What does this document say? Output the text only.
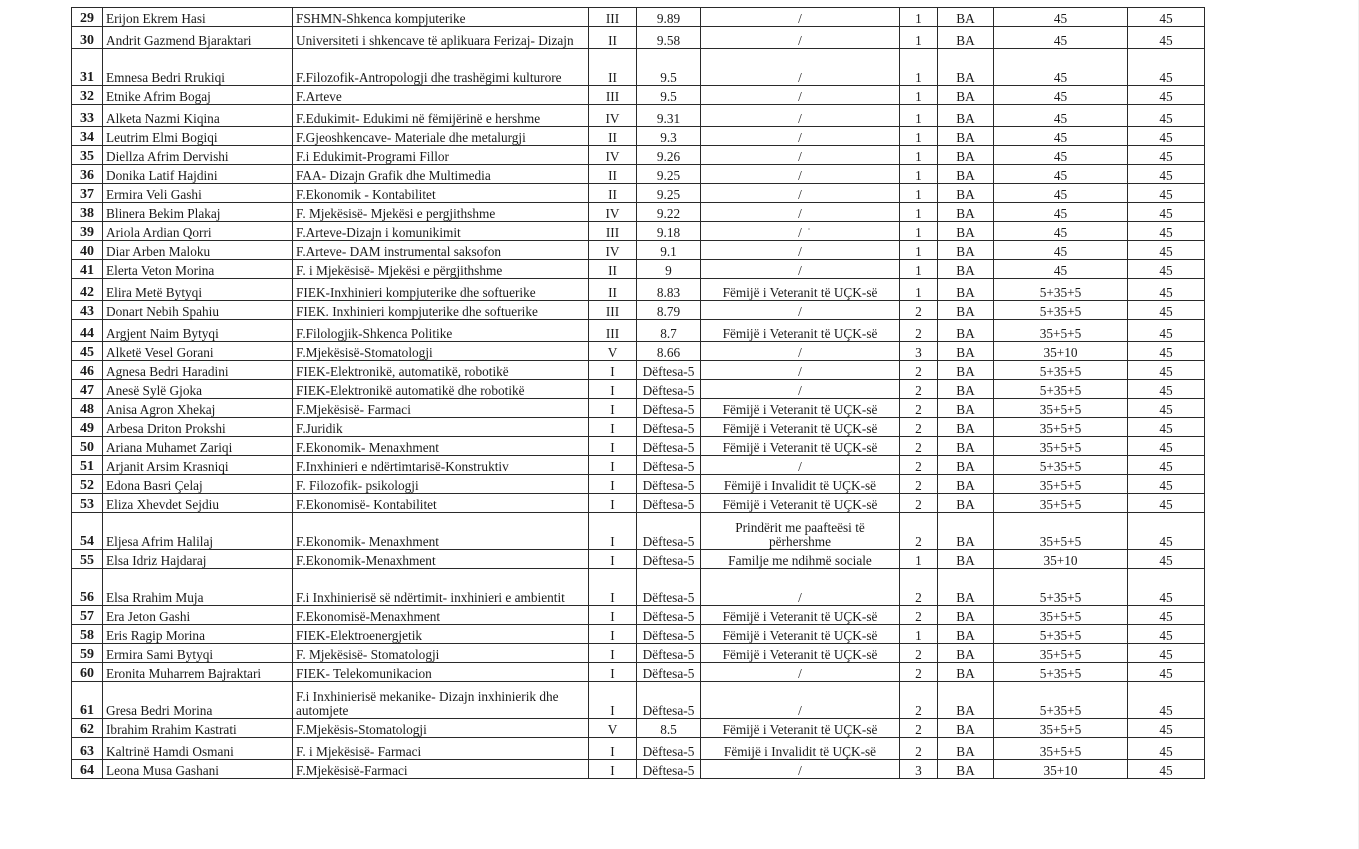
29	Erijon Ekrem Hasi	FSHMN-Shkenca kompjuterike	III	9.89	/	1	BA	45	45
30	Andrit Gazmend Bjaraktari	Universiteti i shkencave të aplikuara Ferizaj- Dizajn	II	9.58	/	1	BA	45	45
31	Emnesa Bedri Rrukiqi	F.Filozofik-Antropologji dhe trashëgimi kulturore	II	9.5	/	1	BA	45	45
32	Etnike Afrim Bogaj	F.Arteve	III	9.5	/	1	BA	45	45
33	Alketa Nazmi Kiqina	F.Edukimit- Edukimi në fëmijërinë e hershme	IV	9.31	/	1	BA	45	45
34	Leutrim Elmi Bogiqi	F.Gjeoshkencave- Materiale dhe metalurgji	II	9.3	/	1	BA	45	45
35	Diellza Afrim Dervishi	F.i Edukimit-Programi Fillor	IV	9.26	/	1	BA	45	45
36	Donika Latif Hajdini	FAA- Dizajn Grafik dhe Multimedia	II	9.25	/	1	BA	45	45
37	Ermira Veli Gashi	F.Ekonomik - Kontabilitet	II	9.25	/	1	BA	45	45
38	Blinera Bekim Plakaj	F. Mjekësisë- Mjekësi e pergjithshme	IV	9.22	/	1	BA	45	45
39	Ariola Ardian Qorri	F.Arteve-Dizajn i komunikimit	III	9.18	/	1	BA	45	45
40	Diar Arben Maloku	F.Arteve- DAM instrumental saksofon	IV	9.1	/	1	BA	45	45
41	Elerta Veton Morina	F. i Mjekësisë- Mjekësi e përgjithshme	II	9	/	1	BA	45	45
42	Elira Metë Bytyqi	FIEK-Inxhinieri kompjuterike dhe softuerike	II	8.83	Fëmijë i Veteranit të UÇK-së	1	BA	5+35+5	45
43	Donart Nebih Spahiu	FIEK. Inxhinieri kompjuterike dhe softuerike	III	8.79	/	2	BA	5+35+5	45
44	Argjent Naim Bytyqi	F.Filologjik-Shkenca Politike	III	8.7	Fëmijë i Veteranit të UÇK-së	2	BA	35+5+5	45
45	Alketë Vesel Gorani	F.Mjekësisë-Stomatologji	V	8.66	/	3	BA	35+10	45
46	Agnesa Bedri Haradini	FIEK-Elektronikë, automatikë, robotikë	I	Dëftesa-5	/	2	BA	5+35+5	45
47	Anesë Sylë Gjoka	FIEK-Elektronikë automatikë dhe robotikë	I	Dëftesa-5	/	2	BA	5+35+5	45
48	Anisa Agron Xhekaj	F.Mjekësisë- Farmaci	I	Dëftesa-5	Fëmijë i Veteranit të UÇK-së	2	BA	35+5+5	45
49	Arbesa Driton Prokshi	F.Juridik	I	Dëftesa-5	Fëmijë i Veteranit të UÇK-së	2	BA	35+5+5	45
50	Ariana Muhamet Zariqi	F.Ekonomik- Menaxhment	I	Dëftesa-5	Fëmijë i Veteranit të UÇK-së	2	BA	35+5+5	45
51	Arjanit Arsim Krasniqi	F.Inxhinieri e ndërtimtarisë-Konstruktiv	I	Dëftesa-5	/	2	BA	5+35+5	45
52	Edona Basri Çelaj	F. Filozofik- psikologji	I	Dëftesa-5	Fëmijë i Invalidit të UÇK-së	2	BA	35+5+5	45
53	Eliza Xhevdet Sejdiu	F.Ekonomisë- Kontabilitet	I	Dëftesa-5	Fëmijë i Veteranit të UÇK-së	2	BA	35+5+5	45
54	Eljesa Afrim Halilaj	F.Ekonomik- Menaxhment	I	Dëftesa-5	Prindërit me paafteësi të përhershme	2	BA	35+5+5	45
55	Elsa Idriz Hajdaraj	F.Ekonomik-Menaxhment	I	Dëftesa-5	Familje me ndihmë sociale	1	BA	35+10	45
56	Elsa Rrahim Muja	F.i Inxhinierisë së ndërtimit- inxhinieri e ambientit	I	Dëftesa-5	/	2	BA	5+35+5	45
57	Era Jeton Gashi	F.Ekonomisë-Menaxhment	I	Dëftesa-5	Fëmijë i Veteranit të UÇK-së	2	BA	35+5+5	45
58	Eris Ragip Morina	FIEK-Elektroenergjetik	I	Dëftesa-5	Fëmijë i Veteranit të UÇK-së	1	BA	5+35+5	45
59	Ermira Sami Bytyqi	F. Mjekësisë- Stomatologji	I	Dëftesa-5	Fëmijë i Veteranit të UÇK-së	2	BA	35+5+5	45
60	Eronita Muharrem Bajraktari	FIEK- Telekomunikacion	I	Dëftesa-5	/	2	BA	5+35+5	45
61	Gresa Bedri Morina	F.i Inxhinierisë mekanike- Dizajn inxhinierik dhe automjete	I	Dëftesa-5	/	2	BA	5+35+5	45
62	Ibrahim Rrahim Kastrati	F.Mjekësis-Stomatologji	V	8.5	Fëmijë i Veteranit të UÇK-së	2	BA	35+5+5	45
63	Kaltrinë Hamdi Osmani	F. i Mjekësisë- Farmaci	I	Dëftesa-5	Fëmijë i Invalidit të UÇK-së	2	BA	35+5+5	45
64	Leona Musa Gashani	F.Mjekësisë-Farmaci	I	Dëftesa-5	/	3	BA	35+10	45
